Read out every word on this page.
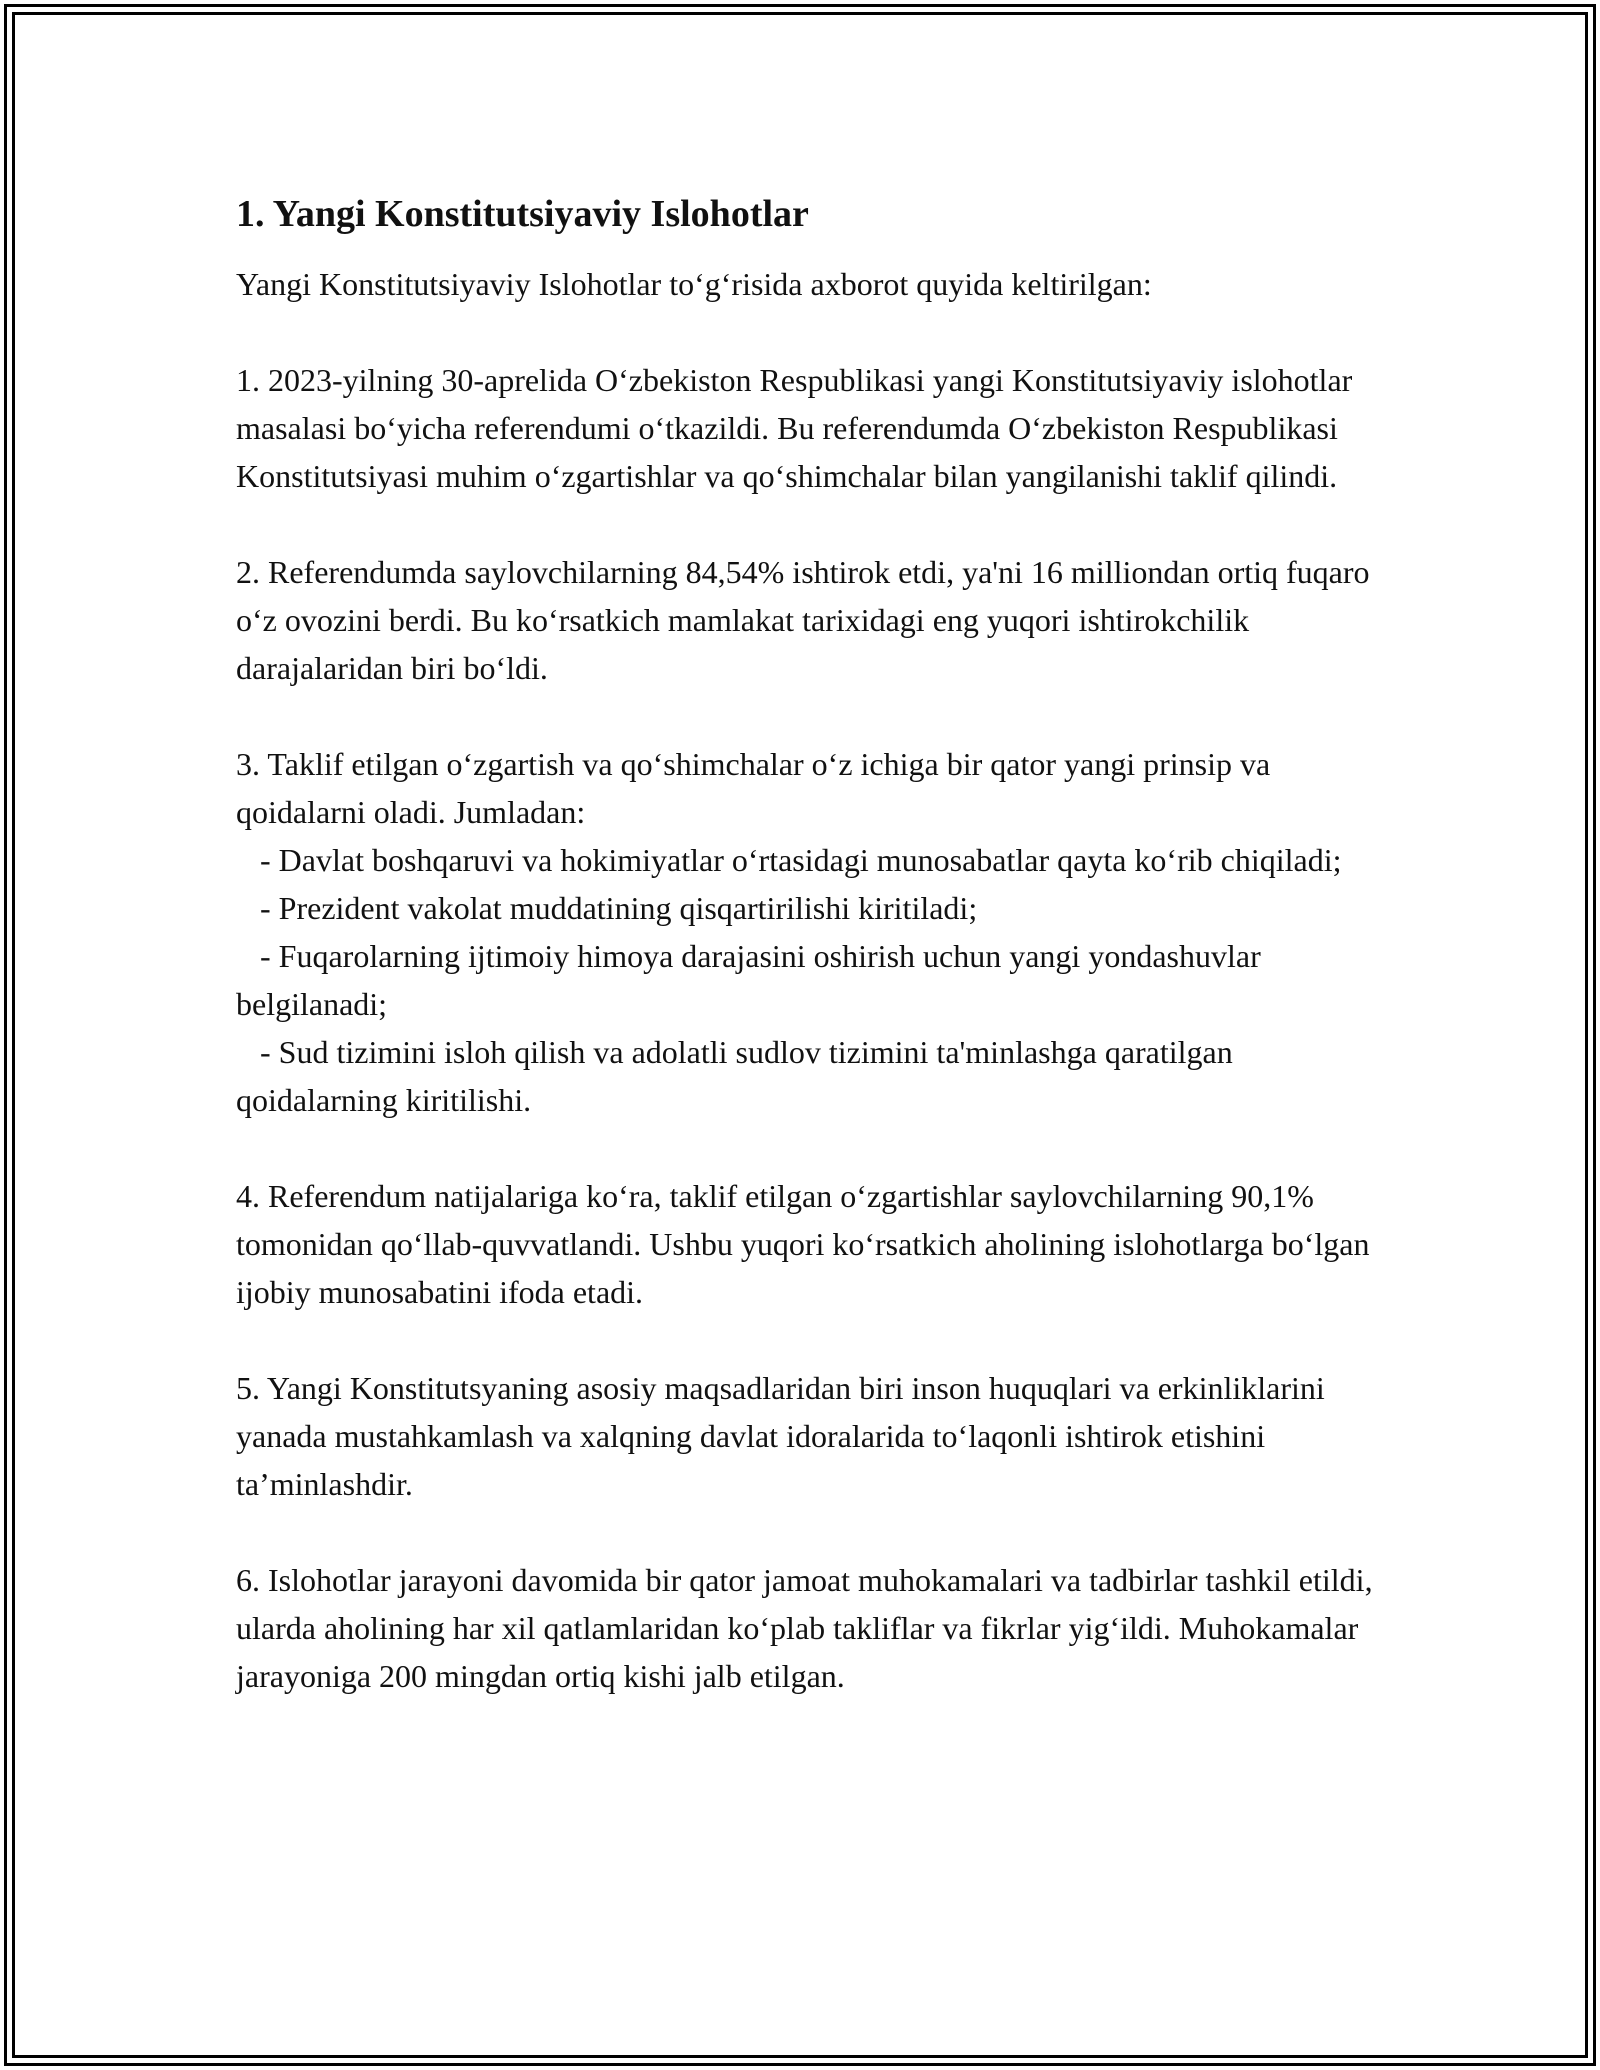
1. Yangi Konstitutsiyaviy Islohotlar

Yangi Konstitutsiyaviy Islohotlar to‘g‘risida axborot quyida keltirilgan:

1. 2023-yilning 30-aprelida O‘zbekiston Respublikasi yangi Konstitutsiyaviy islohotlar masalasi bo‘yicha referendumi o‘tkazildi. Bu referendumda O‘zbekiston Respublikasi Konstitutsiyasi muhim o‘zgartishlar va qo‘shimchalar bilan yangilanishi taklif qilindi.
2. Referendumda saylovchilarning 84,54% ishtirok etdi, ya'ni 16 milliondan ortiq fuqaro o‘z ovozini berdi. Bu ko‘rsatkich mamlakat tarixidagi eng yuqori ishtirokchilik darajalaridan biri bo‘ldi.
3. Taklif etilgan o‘zgartish va qo‘shimchalar o‘z ichiga bir qator yangi prinsip va qoidalarni oladi. Jumladan:

- Davlat boshqaruvi va hokimiyatlar o‘rtasidagi munosabatlar qayta ko‘rib chiqiladi;

- Prezident vakolat muddatining qisqartirilishi kiritiladi;

- Fuqarolarning ijtimoiy himoya darajasini oshirish uchun yangi yondashuvlar belgilanadi;

- Sud tizimini isloh qilish va adolatli sudlov tizimini ta'minlashga qaratilgan qoidalarning kiritilishi.

4. Referendum natijalariga ko‘ra, taklif etilgan o‘zgartishlar saylovchilarning 90,1% tomonidan qo‘llab-quvvatlandi. Ushbu yuqori ko‘rsatkich aholining islohotlarga bo‘lgan ijobiy munosabatini ifoda etadi.
5. Yangi Konstitutsyaning asosiy maqsadlaridan biri inson huquqlari va erkinliklarini yanada mustahkamlash va xalqning davlat idoralarida to‘laqonli ishtirok etishini ta’minlashdir.
6. Islohotlar jarayoni davomida bir qator jamoat muhokamalari va tadbirlar tashkil etildi, ularda aholining har xil qatlamlaridan ko‘plab takliflar va fikrlar yig‘ildi. Muhokamalar jarayoniga 200 mingdan ortiq kishi jalb etilgan.
